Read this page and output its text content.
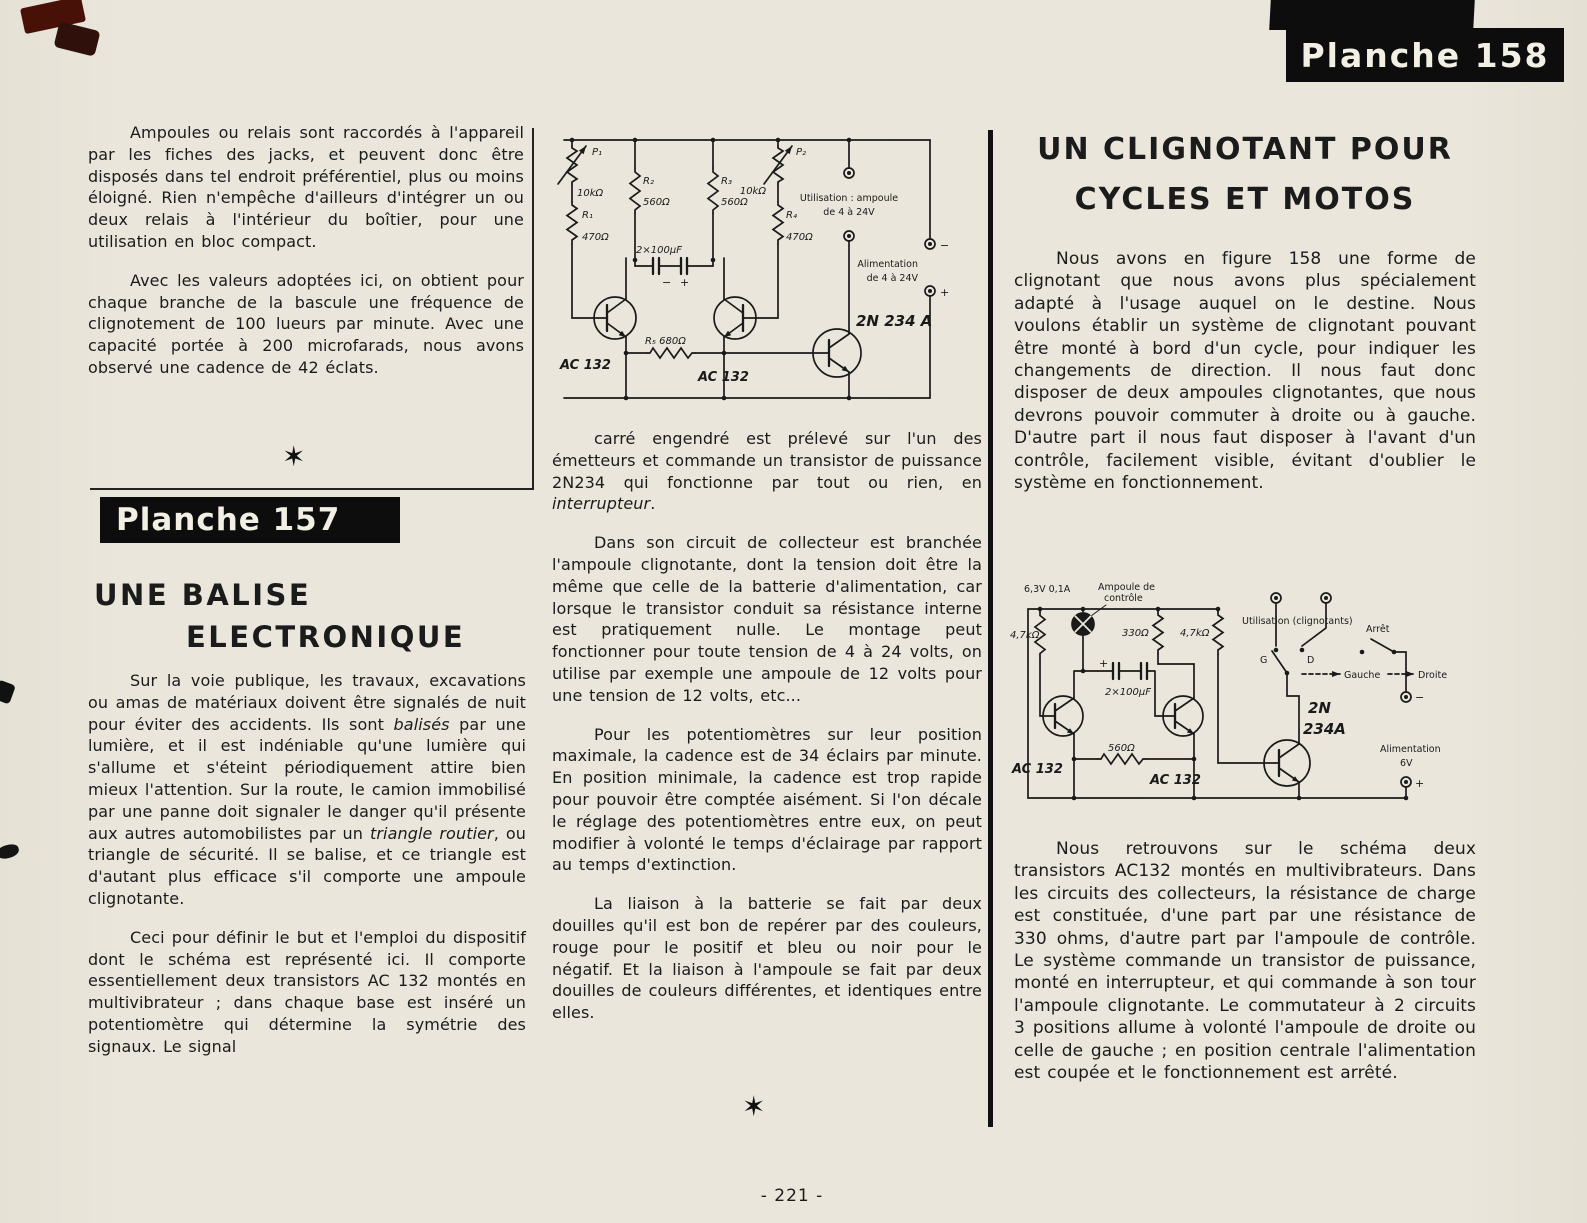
Planche 158

Ampoules ou relais sont raccordés à l'appareil par les fiches des jacks, et peuvent donc être disposés dans tel endroit préférentiel, plus ou moins éloigné. Rien n'empêche d'ailleurs d'intégrer un ou deux relais à l'intérieur du boîtier, pour une utilisation en bloc compact.

Avec les valeurs adoptées ici, on obtient pour chaque branche de la bascule une fréquence de clignotement de 100 lueurs par minute. Avec une capacité portée à 200 microfarads, nous avons observé une cadence de 42 éclats.

✶
Planche 157
UNE BALISE
ELECTRONIQUE

Sur la voie publique, les travaux, excavations ou amas de matériaux doivent être signalés de nuit pour éviter des accidents. Ils sont balisés par une lumière, et il est indéniable qu'une lumière qui s'allume et s'éteint périodiquement attire bien mieux l'attention. Sur la route, le camion immobilisé par une panne doit signaler le danger qu'il présente aux autres automobilistes par un triangle routier, ou triangle de sécurité. Il se balise, et ce triangle est d'autant plus efficace s'il comporte une ampoule clignotante.

Ceci pour définir le but et l'emploi du dispositif dont le schéma est représenté ici. Il comporte essentiellement deux transistors AC 132 montés en multivibrateur ; dans chaque base est inséré un potentiomètre qui détermine la symétrie des signaux. Le signal

P₁
10kΩ
P₂
10kΩ
R₁
470Ω
R₂
560Ω
R₃
560Ω
R₄
470Ω
R₅ 680Ω
2×100μF
− +
AC 132
AC 132
2N 234 A
Utilisation : ampoule
de 4 à 24V
Alimentation
de 4 à 24V
−
+

carré engendré est prélevé sur l'un des émetteurs et commande un transistor de puissance 2N234 qui fonctionne par tout ou rien, en interrupteur.

Dans son circuit de collecteur est branchée l'ampoule clignotante, dont la tension doit être la même que celle de la batterie d'alimentation, car lorsque le transistor conduit sa résistance interne est pratiquement nulle. Le montage peut fonctionner pour toute tension de 4 à 24 volts, on utilise par exemple une ampoule de 12 volts pour une tension de 12 volts, etc...

Pour les potentiomètres sur leur position maximale, la cadence est de 34 éclairs par minute. En position minimale, la cadence est trop rapide pour pouvoir être comptée aisément. Si l'on décale le réglage des potentiomètres entre eux, on peut modifier à volonté le temps d'éclairage par rapport au temps d'extinction.

La liaison à la batterie se fait par deux douilles qu'il est bon de repérer par des couleurs, rouge pour le positif et bleu ou noir pour le négatif. Et la liaison à l'ampoule se fait par deux douilles de couleurs différentes, et identiques entre elles.

✶
UN CLIGNOTANT POUR
CYCLES ET MOTOS

Nous avons en figure 158 une forme de clignotant que nous avons plus spécialement adapté à l'usage auquel on le destine. Nous voulons établir un système de clignotant pouvant être monté à bord d'un cycle, pour indiquer les changements de direction. Il nous faut donc disposer de deux ampoules clignotantes, que nous devrons pouvoir commuter à droite ou à gauche. D'autre part il nous faut disposer à l'avant d'un contrôle, facilement visible, évitant d'oublier le système en fonctionnement.

6,3V 0,1A	Ampoule de
contrôle
4,7kΩ	330Ω	4,7kΩ
+
2×100μF
560Ω
AC 132
AC 132
2N
234A
Utilisation (clignotants)
Arrêt
G	D
Gauche	Droite
Alimentation
6V
−
+

Nous retrouvons sur le schéma deux transistors AC132 montés en multivibrateurs. Dans les circuits des collecteurs, la résistance de charge est constituée, d'une part par une résistance de 330 ohms, d'autre part par l'ampoule de contrôle. Le système commande un transistor de puissance, monté en interrupteur, et qui commande à son tour l'ampoule clignotante. Le commutateur à 2 circuits 3 positions allume à volonté l'ampoule de droite ou celle de gauche ; en position centrale l'alimentation est coupée et le fonctionnement est arrêté.

- 221 -
